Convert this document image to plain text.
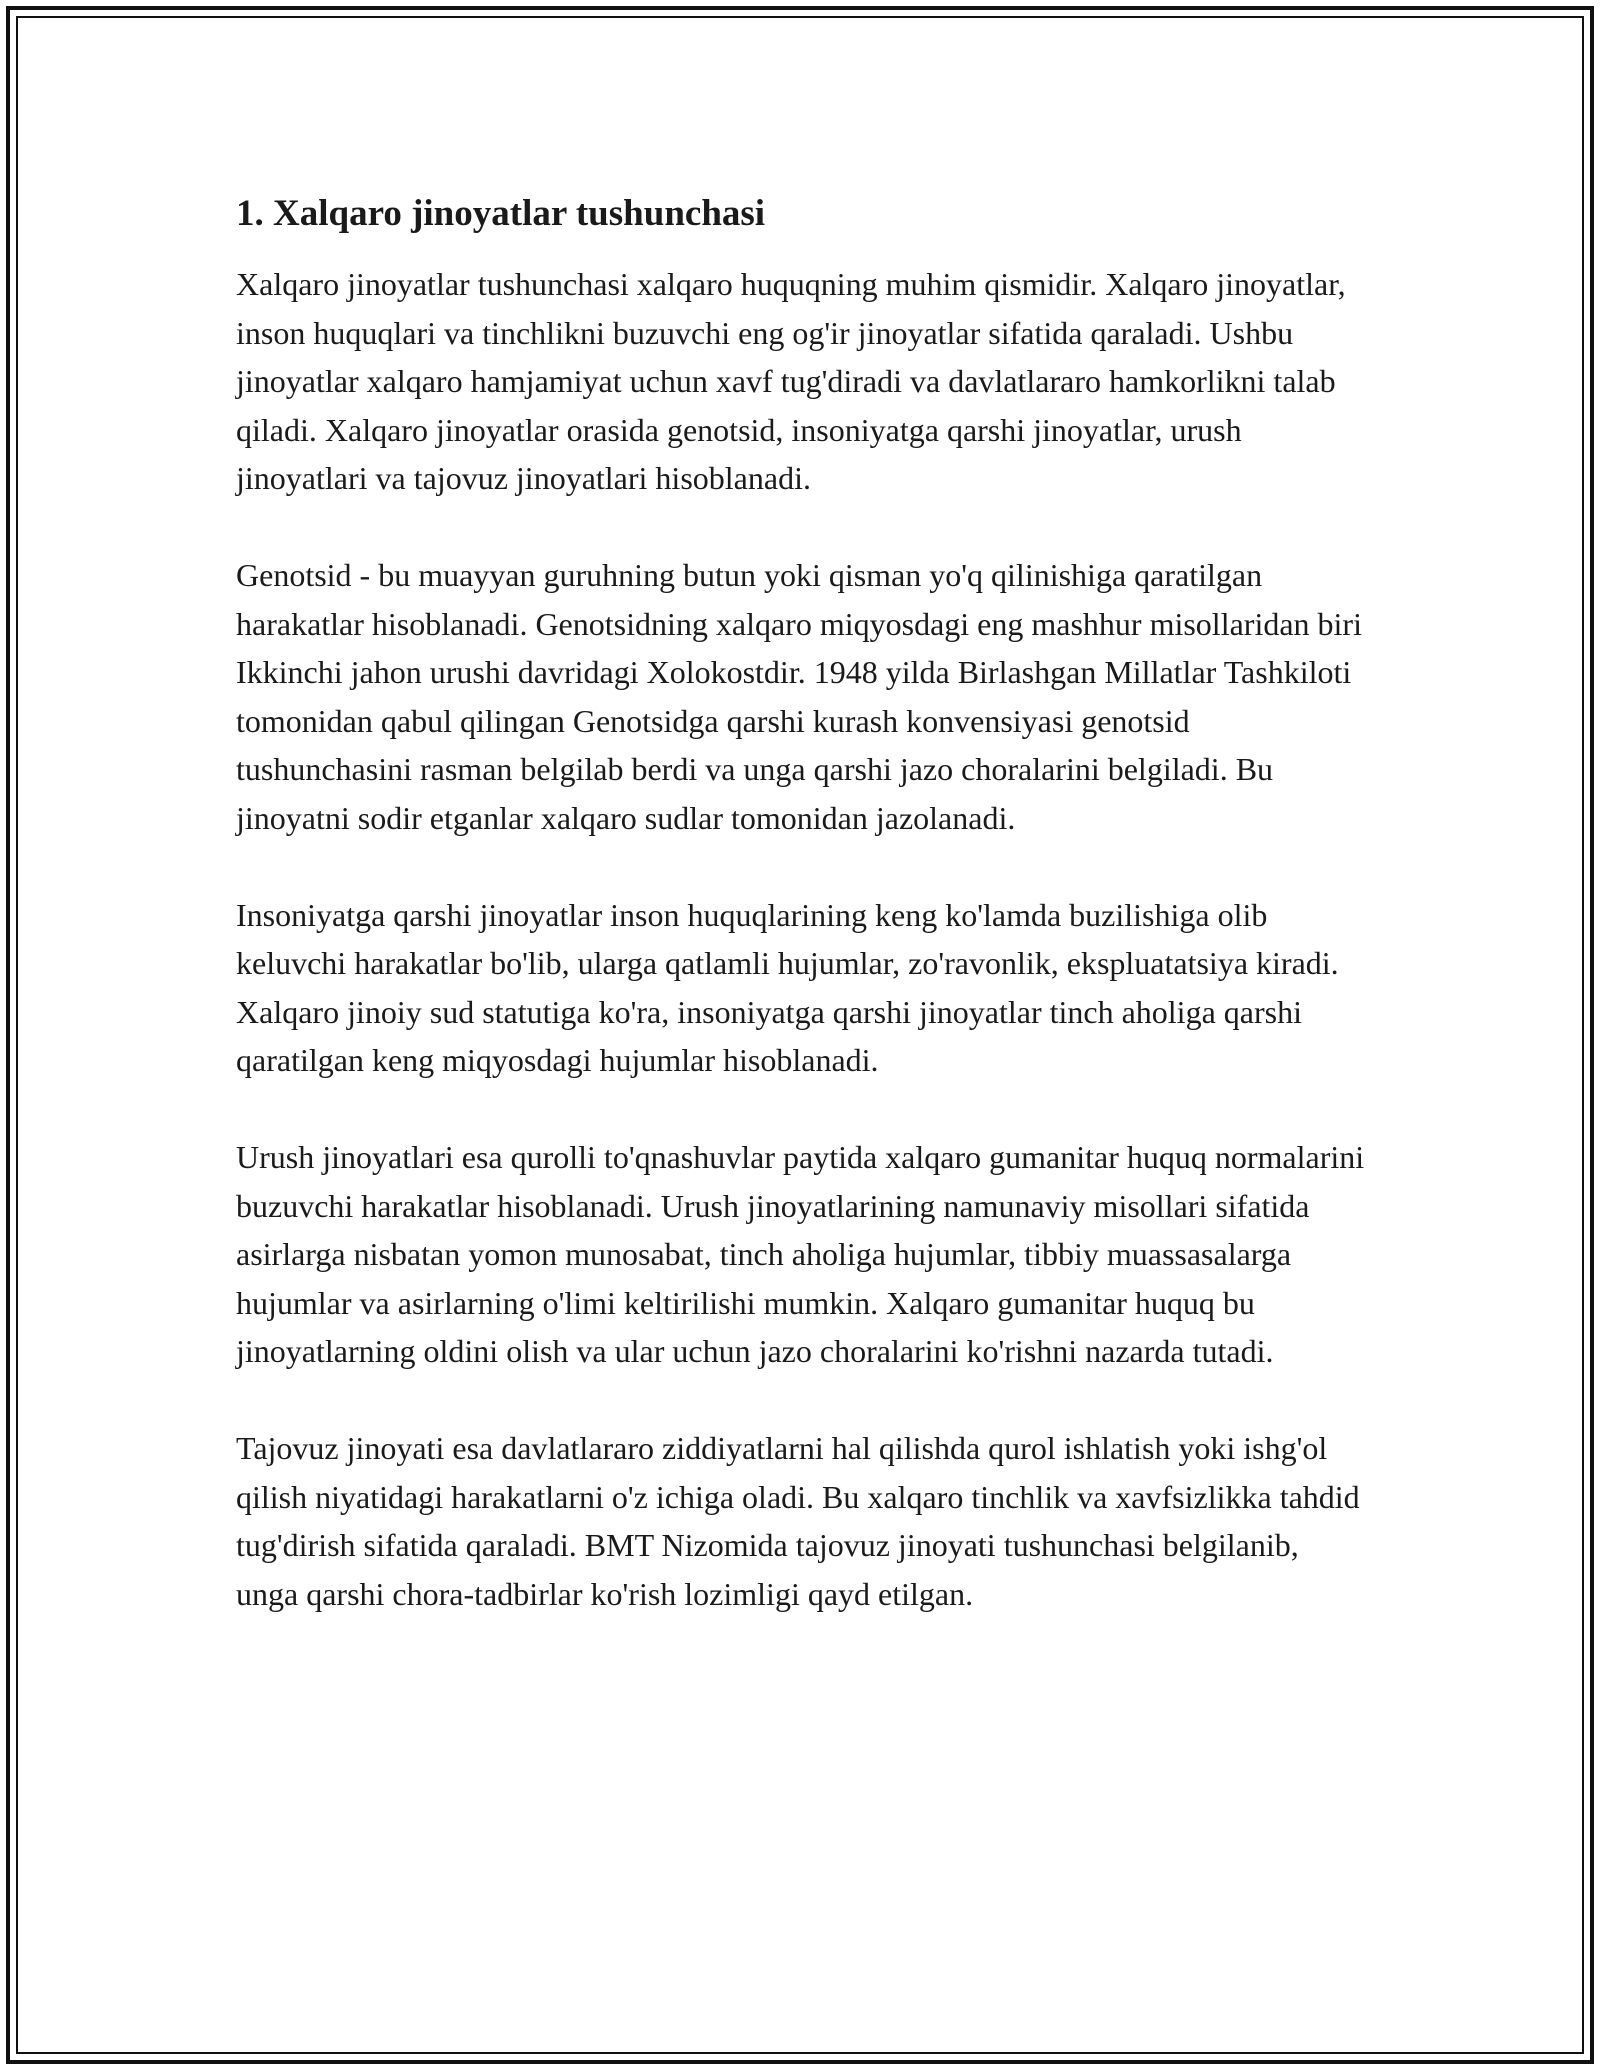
1. Xalqaro jinoyatlar tushunchasi

Xalqaro jinoyatlar tushunchasi xalqaro huquqning muhim qismidir. Xalqaro jinoyatlar, inson huquqlari va tinchlikni buzuvchi eng og'ir jinoyatlar sifatida qaraladi. Ushbu jinoyatlar xalqaro hamjamiyat uchun xavf tug'diradi va davlatlararo hamkorlikni talab qiladi. Xalqaro jinoyatlar orasida genotsid, insoniyatga qarshi jinoyatlar, urush jinoyatlari va tajovuz jinoyatlari hisoblanadi.

Genotsid - bu muayyan guruhning butun yoki qisman yo'q qilinishiga qaratilgan harakatlar hisoblanadi. Genotsidning xalqaro miqyosdagi eng mashhur misollaridan biri Ikkinchi jahon urushi davridagi Xolokostdir. 1948 yilda Birlashgan Millatlar Tashkiloti tomonidan qabul qilingan Genotsidga qarshi kurash konvensiyasi genotsid tushunchasini rasman belgilab berdi va unga qarshi jazo choralarini belgiladi. Bu jinoyatni sodir etganlar xalqaro sudlar tomonidan jazolanadi.

Insoniyatga qarshi jinoyatlar inson huquqlarining keng ko'lamda buzilishiga olib keluvchi harakatlar bo'lib, ularga qatlamli hujumlar, zo'ravonlik, ekspluatatsiya kiradi. Xalqaro jinoiy sud statutiga ko'ra, insoniyatga qarshi jinoyatlar tinch aholiga qarshi qaratilgan keng miqyosdagi hujumlar hisoblanadi.

Urush jinoyatlari esa qurolli to'qnashuvlar paytida xalqaro gumanitar huquq normalarini buzuvchi harakatlar hisoblanadi. Urush jinoyatlarining namunaviy misollari sifatida asirlarga nisbatan yomon munosabat, tinch aholiga hujumlar, tibbiy muassasalarga hujumlar va asirlarning o'limi keltirilishi mumkin. Xalqaro gumanitar huquq bu jinoyatlarning oldini olish va ular uchun jazo choralarini ko'rishni nazarda tutadi.

Tajovuz jinoyati esa davlatlararo ziddiyatlarni hal qilishda qurol ishlatish yoki ishg'ol qilish niyatidagi harakatlarni o'z ichiga oladi. Bu xalqaro tinchlik va xavfsizlikka tahdid tug'dirish sifatida qaraladi. BMT Nizomida tajovuz jinoyati tushunchasi belgilanib, unga qarshi chora-tadbirlar ko'rish lozimligi qayd etilgan.
